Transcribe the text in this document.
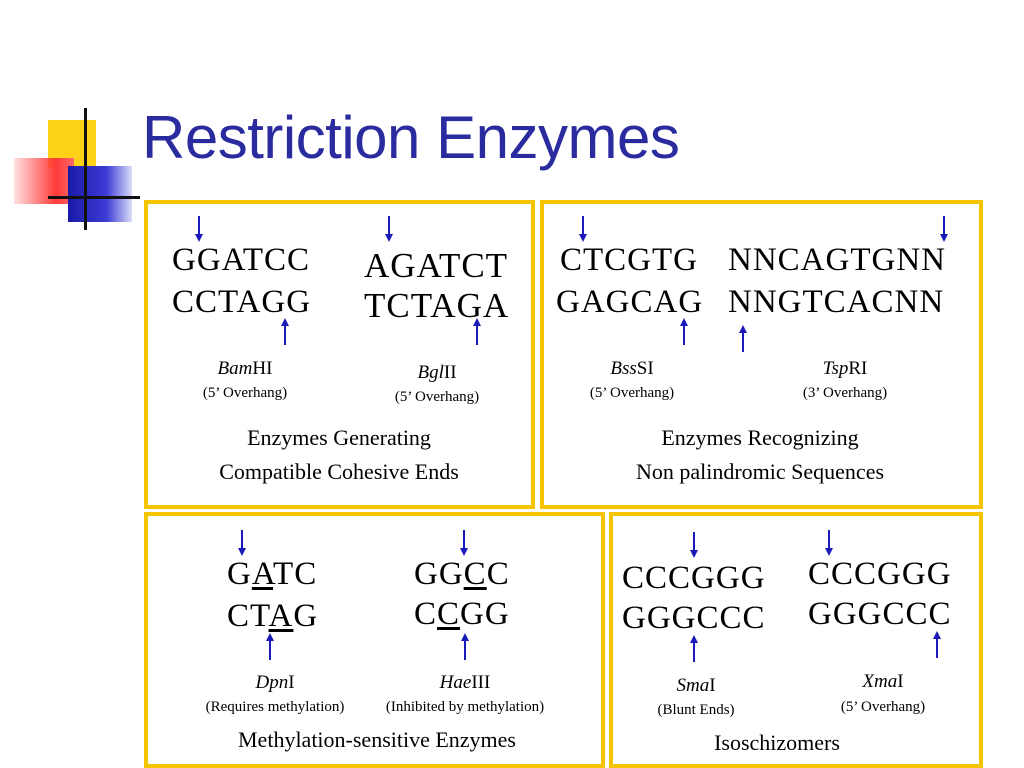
Restriction Enzymes
GGATCC
CCTAGG
AGATCT
TCTAGA
BamHI
(5’ Overhang)
BglII
(5’ Overhang)
Enzymes Generating
Compatible Cohesive Ends
CTCGTG
GAGCAG
NNCAGTGNN
NNGTCACNN
BssSI
(5’ Overhang)
TspRI
(3’ Overhang)
Enzymes Recognizing
Non palindromic Sequences
GATC
CTAG
GGCC
CCGG
DpnI
(Requires methylation)
HaeIII
(Inhibited by methylation)
Methylation-sensitive Enzymes
CCCGGG
GGGCCC
CCCGGG
GGGCCC
SmaI
(Blunt Ends)
XmaI
(5’ Overhang)
Isoschizomers
